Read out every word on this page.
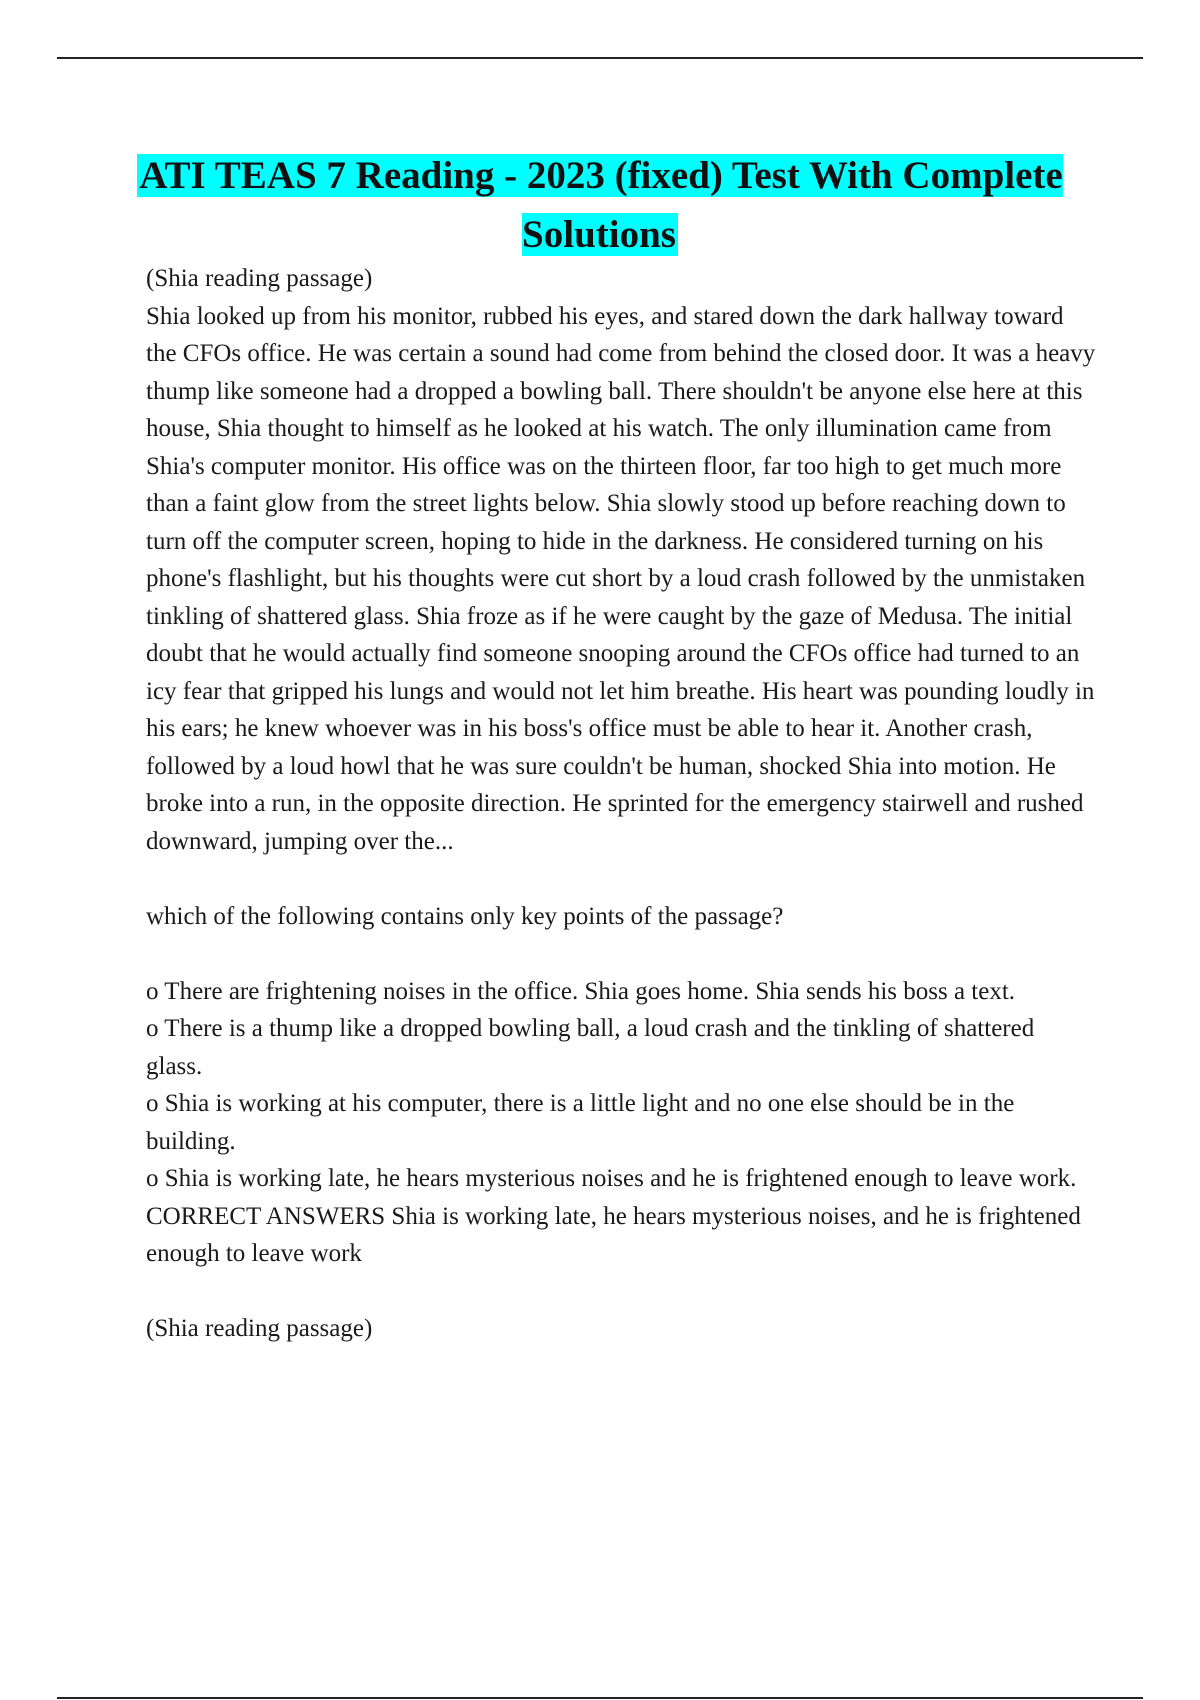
ATI TEAS 7 Reading - 2023 (fixed) Test With Complete Solutions

(Shia reading passage)

Shia looked up from his monitor, rubbed his eyes, and stared down the dark hallway toward the CFOs office. He was certain a sound had come from behind the closed door. It was a heavy thump like someone had a dropped a bowling ball. There shouldn't be anyone else here at this house, Shia thought to himself as he looked at his watch. The only illumination came from Shia's computer monitor. His office was on the thirteen floor, far too high to get much more than a faint glow from the street lights below. Shia slowly stood up before reaching down to turn off the computer screen, hoping to hide in the darkness. He considered turning on his phone's flashlight, but his thoughts were cut short by a loud crash followed by the unmistaken tinkling of shattered glass. Shia froze as if he were caught by the gaze of Medusa. The initial doubt that he would actually find someone snooping around the CFOs office had turned to an icy fear that gripped his lungs and would not let him breathe. His heart was pounding loudly in his ears; he knew whoever was in his boss's office must be able to hear it. Another crash, followed by a loud howl that he was sure couldn't be human, shocked Shia into motion. He broke into a run, in the opposite direction. He sprinted for the emergency stairwell and rushed downward, jumping over the...

which of the following contains only key points of the passage?

o There are frightening noises in the office. Shia goes home. Shia sends his boss a text.

o There is a thump like a dropped bowling ball, a loud crash and the tinkling of shattered glass.

o Shia is working at his computer, there is a little light and no one else should be in the building.

o Shia is working late, he hears mysterious noises and he is frightened enough to leave work. CORRECT ANSWERS Shia is working late, he hears mysterious noises, and he is frightened enough to leave work

(Shia reading passage)
